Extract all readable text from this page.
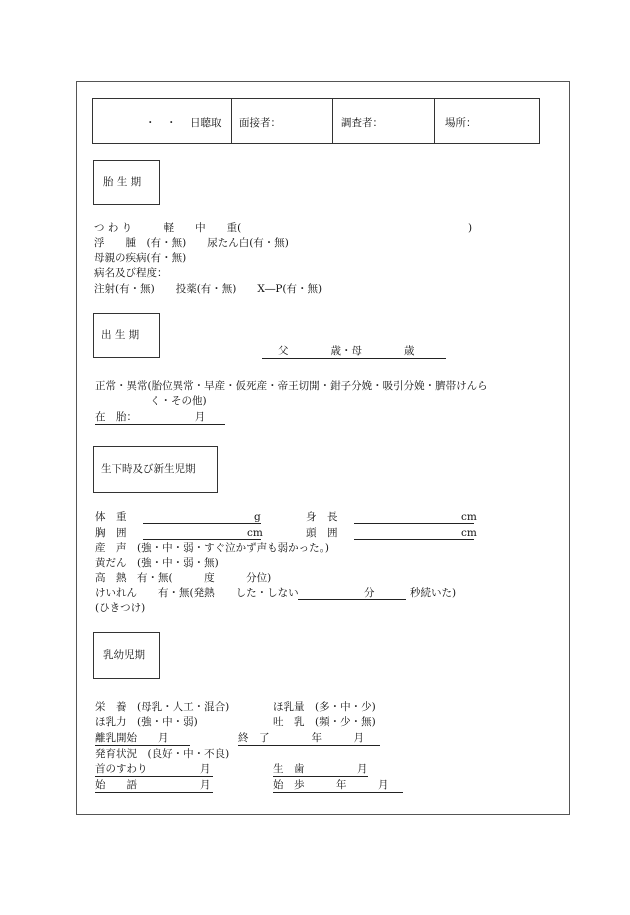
・　・ 日聴取 面接者：	調査者：	場所：
胎 生 期
つ わ り　　　軽　　中　　重(	)
浮　　腫　(有・無)　　尿たん白(有・無)
母親の疾病(有・無)
病名及び程度：
注射(有・無)　　投薬(有・無)　　X―P(有・無)
出 生 期
父　　　　歳・母　　　　歳
正常・異常(胎位異常・早産・仮死産・帝王切開・鉗子分娩・吸引分娩・臍帯けんら
く・その他)
在　胎：　　　　　　月
生下時及び新生児期
体　重	g	身　長	cm
胸　囲	cm	頭　囲	cm
産　声　(強・中・弱・すぐ泣かず声も弱かった。)
黄だん　(強・中・弱・無)
高　熱　有・無(　　　度　　　分位)
けいれん　　有・無(発熱　　した・しない	分	秒続いた)
(ひきつけ)
乳幼児期
栄　養　(母乳・人工・混合)	ほ乳量　(多・中・少)
ほ乳力　(強・中・弱)	吐　乳　(頻・少・無)
離乳開始　　月	終　了　　　　年　　　月
発育状況　(良好・中・不良)
首のすわり　　　　　月	生　歯　　　　　月
始　　語　　　　　　月	始　歩　　　年　　　月
